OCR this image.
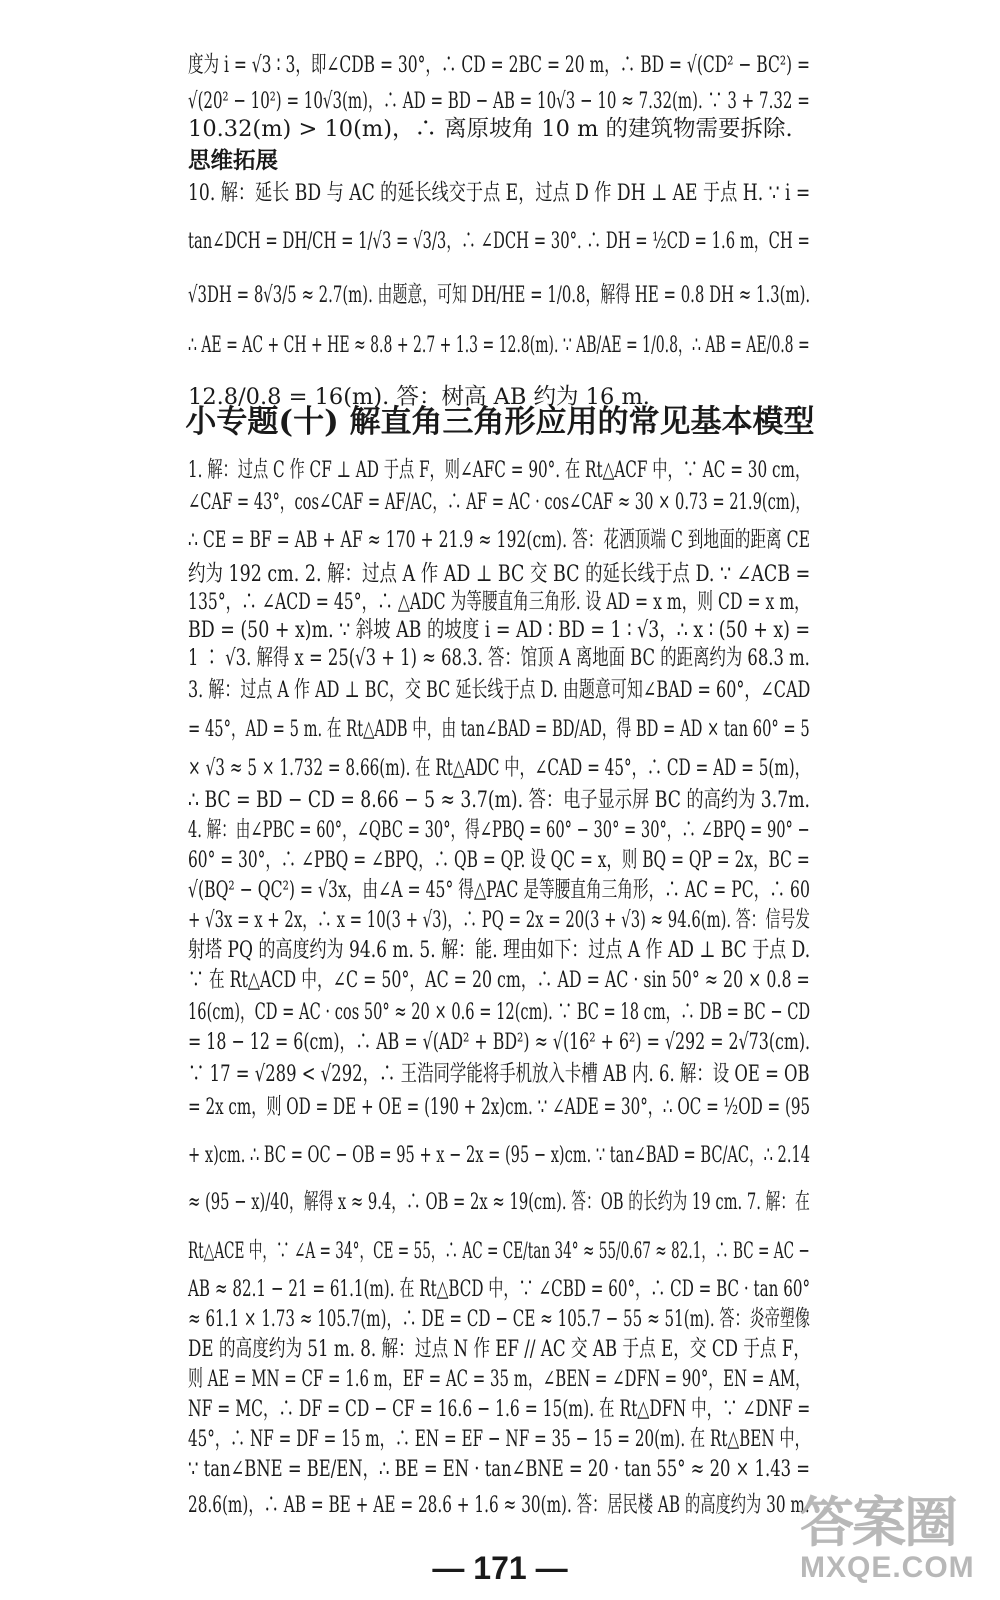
度为 i = √3 ∶ 3，即∠CDB = 30°，∴ CD = 2BC = 20 m，∴ BD = √(CD² − BC²) =
√(20² − 10²) = 10√3(m)，∴ AD = BD − AB = 10√3 − 10 ≈ 7.32(m). ∵ 3 + 7.32 =
10.32(m) > 10(m)，∴ 离原坡角 10 m 的建筑物需要拆除.
思维拓展
10. 解：延长 BD 与 AC 的延长线交于点 E，过点 D 作 DH ⊥ AE 于点 H. ∵ i =
tan∠DCH = DH/CH = 1/√3 = √3/3，∴ ∠DCH = 30°. ∴ DH = ½CD = 1.6 m，CH =
√3DH = 8√3/5 ≈ 2.7(m). 由题意，可知 DH/HE = 1/0.8，解得 HE = 0.8 DH ≈ 1.3(m).
∴ AE = AC + CH + HE ≈ 8.8 + 2.7 + 1.3 = 12.8(m). ∵ AB/AE = 1/0.8，∴ AB = AE/0.8 =
12.8/0.8 = 16(m). 答：树高 AB 约为 16 m.
小专题(十) 解直角三角形应用的常见基本模型
1. 解：过点 C 作 CF ⊥ AD 于点 F，则∠AFC = 90°. 在 Rt△ACF 中，∵ AC = 30 cm，
∠CAF = 43°，cos∠CAF = AF/AC，∴ AF = AC · cos∠CAF ≈ 30 × 0.73 = 21.9(cm)，
∴ CE = BF = AB + AF ≈ 170 + 21.9 ≈ 192(cm). 答：花洒顶端 C 到地面的距离 CE
约为 192 cm. 2. 解：过点 A 作 AD ⊥ BC 交 BC 的延长线于点 D. ∵ ∠ACB =
135°，∴ ∠ACD = 45°，∴ △ADC 为等腰直角三角形. 设 AD = x m，则 CD = x m，
BD = (50 + x)m. ∵ 斜坡 AB 的坡度 i = AD ∶ BD = 1 ∶ √3，∴ x ∶ (50 + x) =
1 ∶ √3. 解得 x = 25(√3 + 1) ≈ 68.3. 答：馆顶 A 离地面 BC 的距离约为 68.3 m.
3. 解：过点 A 作 AD ⊥ BC，交 BC 延长线于点 D. 由题意可知∠BAD = 60°，∠CAD
= 45°，AD = 5 m. 在 Rt△ADB 中，由 tan∠BAD = BD/AD，得 BD = AD × tan 60° = 5
× √3 ≈ 5 × 1.732 = 8.66(m). 在 Rt△ADC 中，∠CAD = 45°，∴ CD = AD = 5(m)，
∴ BC = BD − CD = 8.66 − 5 ≈ 3.7(m). 答：电子显示屏 BC 的高约为 3.7m.
4. 解：由∠PBC = 60°，∠QBC = 30°，得∠PBQ = 60° − 30° = 30°，∴ ∠BPQ = 90° −
60° = 30°，∴ ∠PBQ = ∠BPQ，∴ QB = QP. 设 QC = x，则 BQ = QP = 2x，BC =
√(BQ² − QC²) = √3x，由∠A = 45° 得△PAC 是等腰直角三角形，∴ AC = PC，∴ 60
+ √3x = x + 2x，∴ x = 10(3 + √3)，∴ PQ = 2x = 20(3 + √3) ≈ 94.6(m). 答：信号发
射塔 PQ 的高度约为 94.6 m. 5. 解：能. 理由如下：过点 A 作 AD ⊥ BC 于点 D.
∵ 在 Rt△ACD 中，∠C = 50°，AC = 20 cm，∴ AD = AC · sin 50° ≈ 20 × 0.8 =
16(cm)，CD = AC · cos 50° ≈ 20 × 0.6 = 12(cm). ∵ BC = 18 cm，∴ DB = BC − CD
= 18 − 12 = 6(cm)，∴ AB = √(AD² + BD²) ≈ √(16² + 6²) = √292 = 2√73(cm).
∵ 17 = √289 < √292，∴ 王浩同学能将手机放入卡槽 AB 内. 6. 解：设 OE = OB
= 2x cm，则 OD = DE + OE = (190 + 2x)cm. ∵ ∠ADE = 30°，∴ OC = ½OD = (95
+ x)cm. ∴ BC = OC − OB = 95 + x − 2x = (95 − x)cm. ∵ tan∠BAD = BC/AC，∴ 2.14
≈ (95 − x)/40，解得 x ≈ 9.4，∴ OB = 2x ≈ 19(cm). 答：OB 的长约为 19 cm. 7. 解：在
Rt△ACE 中，∵ ∠A = 34°，CE = 55，∴ AC = CE/tan 34° ≈ 55/0.67 ≈ 82.1，∴ BC = AC −
AB ≈ 82.1 − 21 = 61.1(m). 在 Rt△BCD 中，∵ ∠CBD = 60°，∴ CD = BC · tan 60°
≈ 61.1 × 1.73 ≈ 105.7(m)，∴ DE = CD − CE ≈ 105.7 − 55 ≈ 51(m). 答：炎帝塑像
DE 的高度约为 51 m. 8. 解：过点 N 作 EF // AC 交 AB 于点 E，交 CD 于点 F，
则 AE = MN = CF = 1.6 m，EF = AC = 35 m，∠BEN = ∠DFN = 90°，EN = AM，
NF = MC，∴ DF = CD − CF = 16.6 − 1.6 = 15(m). 在 Rt△DFN 中，∵ ∠DNF =
45°，∴ NF = DF = 15 m，∴ EN = EF − NF = 35 − 15 = 20(m). 在 Rt△BEN 中，
∵ tan∠BNE = BE/EN，∴ BE = EN · tan∠BNE = 20 · tan 55° ≈ 20 × 1.43 =
28.6(m)，∴ AB = BE + AE = 28.6 + 1.6 ≈ 30(m). 答：居民楼 AB 的高度约为 30 m.
— 171 —
答案圈
MXQE.COM
